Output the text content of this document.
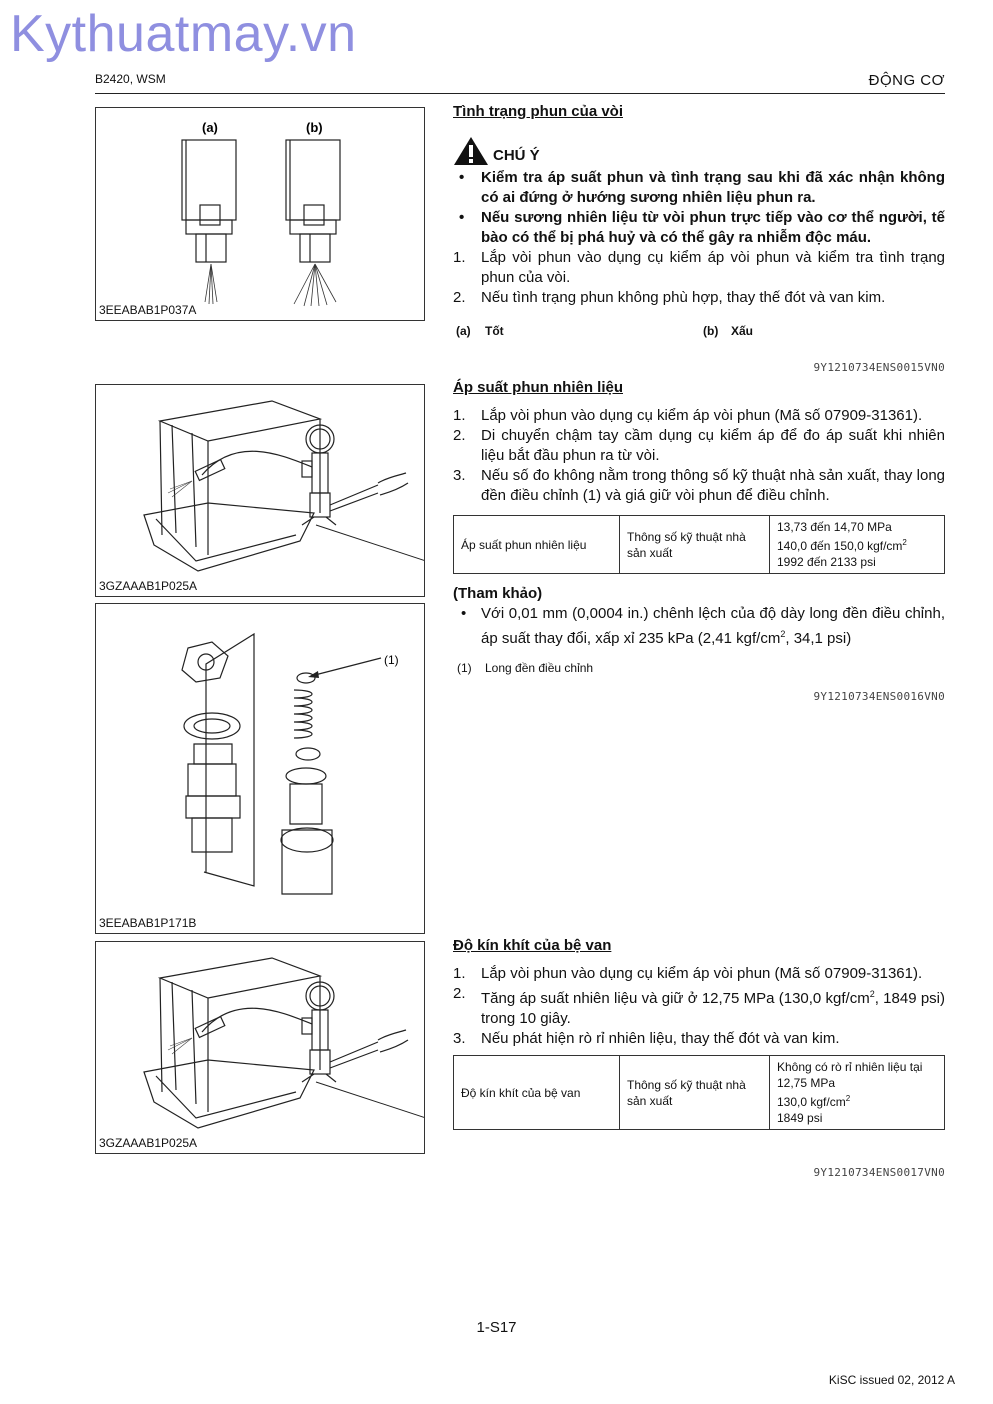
Kythuatmay.vn
B2420, WSM	ĐỘNG CƠ
(a)	(b)
3EEABAB1P037A
3GZAAAB1P025A
(1)
3EEABAB1P171B
3GZAAAB1P025A
Tình trạng phun của vòi
CHÚ Ý
• Kiểm tra áp suất phun và tình trạng sau khi đã xác nhận không có ai đứng ở hướng sương nhiên liệu phun ra.
• Nếu sương nhiên liệu từ vòi phun trực tiếp vào cơ thể người, tế bào có thể bị phá huỷ và có thể gây ra nhiễm độc máu.
1. Lắp vòi phun vào dụng cụ kiểm áp vòi phun và kiểm tra tình trạng phun của vòi.
2. Nếu tình trạng phun không phù hợp, thay thế đót và van kim.
(a) Tốt	(b) Xấu
9Y1210734ENS0015VN0
Áp suất phun nhiên liệu
1. Lắp vòi phun vào dụng cụ kiểm áp vòi phun (Mã số 07909-31361).
2. Di chuyển chậm tay cầm dụng cụ kiểm áp để đo áp suất khi nhiên liệu bắt đầu phun ra từ vòi.
3. Nếu số đo không nằm trong thông số kỹ thuật nhà sản xuất, thay long đền điều chỉnh (1) và giá giữ vòi phun để điều chỉnh.
Áp suất phun nhiên liệu	Thông số kỹ thuật nhà sản xuất	
13,73 đến 14,70 MPa
140,0 đến 150,0 kgf/$cm^2$
1992 đến 2133 psi
(Tham khảo)
• Với 0,01 mm (0,0004 in.) chênh lệch của độ dày long đền điều chỉnh, áp suất thay đổi, xấp xỉ 235 kPa (2,41 kgf/$cm^2$, 34,1 psi)
(1) Long đền điều chỉnh
9Y1210734ENS0016VN0
Độ kín khít của bệ van
1. Lắp vòi phun vào dụng cụ kiểm áp vòi phun (Mã số 07909-31361).
2. Tăng áp suất nhiên liệu và giữ ở 12,75 MPa (130,0 kgf/$cm^2$, 1849 psi) trong 10 giây.
3. Nếu phát hiện rò rỉ nhiên liệu, thay thế đót và van kim.
Độ kín khít của bệ van	Thông số kỹ thuật nhà sản xuất	
Không có rò rỉ nhiên liệu tại
12,75 MPa
130,0 kgf/$cm^2$
1849 psi
9Y1210734ENS0017VN0
1-S17
KiSC issued 02, 2012 A
